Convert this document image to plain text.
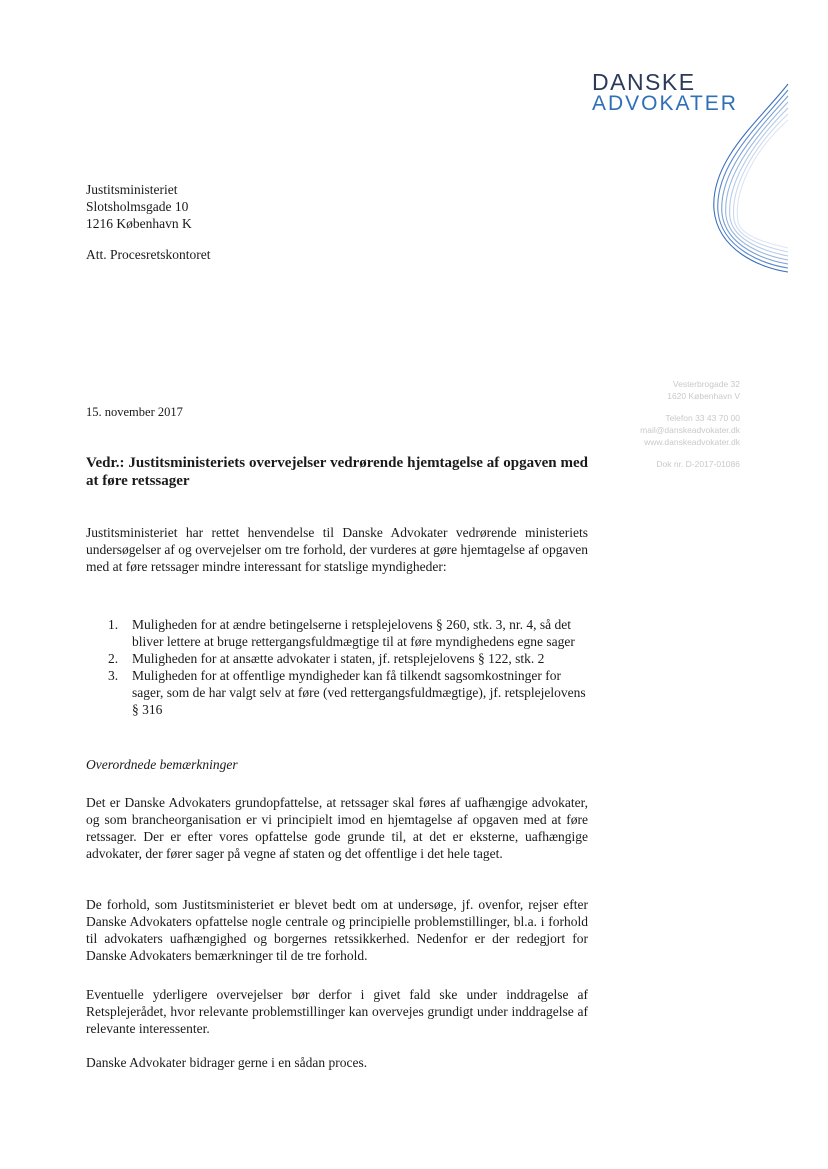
DANSKE
ADVOKATER
Justitsministeriet
Slotsholmsgade 10
1216 København K
Att. Procesretskontoret
15. november 2017
Vesterbrogade 32
1620 København V
Telefon 33 43 70 00
mail@danskeadvokater.dk
www.danskeadvokater.dk
Dok nr. D-2017-01086
Vedr.: Justitsministeriets overvejelser vedrørende hjemtagelse af opgaven med at føre retssager
Justitsministeriet har rettet henvendelse til Danske Advokater vedrørende ministeriets undersøgelser af og overvejelser om tre forhold, der vurderes at gøre hjemtagelse af opgaven med at føre retssager mindre interessant for statslige myndigheder:
1.	Muligheden for at ændre betingelserne i retsplejelovens § 260, stk. 3, nr. 4, så det bliver lettere at bruge rettergangsfuldmægtige til at føre myndighedens egne sager
2.	Muligheden for at ansætte advokater i staten, jf. retsplejelovens § 122, stk. 2
3.	Muligheden for at offentlige myndigheder kan få tilkendt sagsomkostninger for sager, som de har valgt selv at føre (ved rettergangsfuldmægtige), jf. retsplejelovens § 316
Overordnede bemærkninger
Det er Danske Advokaters grundopfattelse, at retssager skal føres af uafhængige advokater, og som brancheorganisation er vi principielt imod en hjemtagelse af opgaven med at føre retssager. Der er efter vores opfattelse gode grunde til, at det er eksterne, uafhængige advokater, der fører sager på vegne af staten og det offentlige i det hele taget.
De forhold, som Justitsministeriet er blevet bedt om at undersøge, jf. ovenfor, rejser efter Danske Advokaters opfattelse nogle centrale og principielle problemstillinger, bl.a. i forhold til advokaters uafhængighed og borgernes retssikkerhed. Nedenfor er der redegjort for Danske Advokaters bemærkninger til de tre forhold.
Eventuelle yderligere overvejelser bør derfor i givet fald ske under inddragelse af Retsplejerådet, hvor relevante problemstillinger kan overvejes grundigt under inddragelse af relevante interessenter.
Danske Advokater bidrager gerne i en sådan proces.
